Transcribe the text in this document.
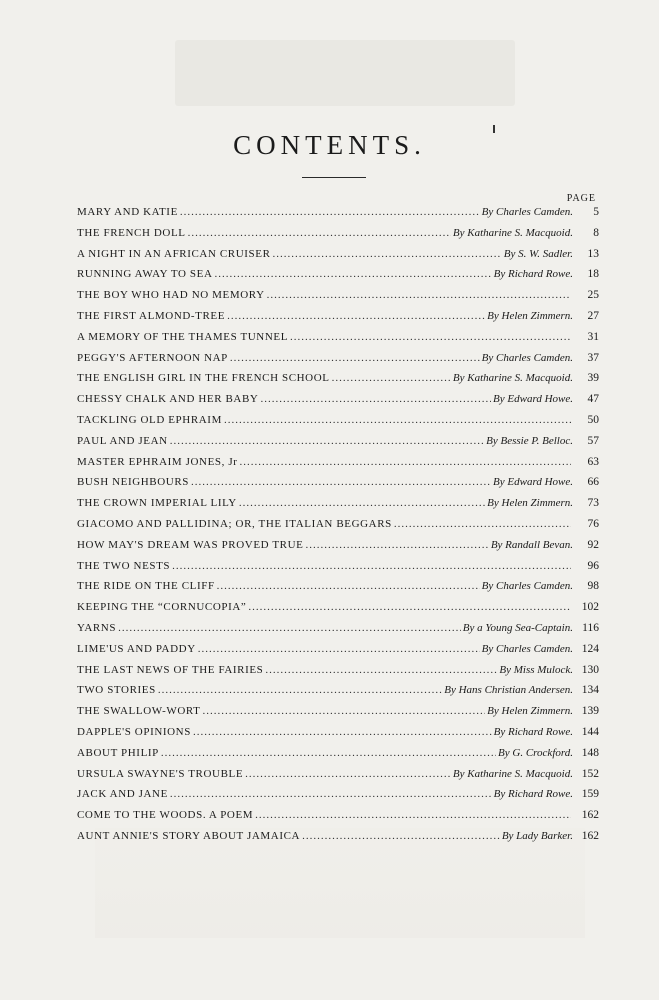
CONTENTS.
PAGE
MARY AND KATIE .....	By Charles Camden.	5
THE FRENCH DOLL .....	By Katharine S. Macquoid.	8
A NIGHT IN AN AFRICAN CRUISER .....	By S. W. Sadler.	13
RUNNING AWAY TO SEA .....	By Richard Rowe.	18
THE BOY WHO HAD NO MEMORY .....	25
THE FIRST ALMOND-TREE .....	By Helen Zimmern.	27
A MEMORY OF THE THAMES TUNNEL .....	31
PEGGY'S AFTERNOON NAP .....	By Charles Camden.	37
THE ENGLISH GIRL IN THE FRENCH SCHOOL .....	By Katharine S. Macquoid.	39
CHESSY CHALK AND HER BABY .....	By Edward Howe.	47
TACKLING OLD EPHRAIM .....	50
PAUL AND JEAN .....	By Bessie P. Belloc.	57
MASTER EPHRAIM JONES, Jr .....	63
BUSH NEIGHBOURS .....	By Edward Howe.	66
THE CROWN IMPERIAL LILY .....	By Helen Zimmern.	73
GIACOMO AND PALLIDINA; OR, THE ITALIAN BEGGARS .....	76
HOW MAY'S DREAM WAS PROVED TRUE .....	By Randall Bevan.	92
THE TWO NESTS .....	96
THE RIDE ON THE CLIFF .....	By Charles Camden.	98
KEEPING THE “CORNUCOPIA” .....	102
YARNS .....	By a Young Sea-Captain. 116
LIME'US AND PADDY .....	By Charles Camden. 124
THE LAST NEWS OF THE FAIRIES .....	By Miss Mulock. 130
TWO STORIES .....	By Hans Christian Andersen. 134
THE SWALLOW-WORT .....	By Helen Zimmern. 139
DAPPLE'S OPINIONS .....	By Richard Rowe. 144
ABOUT PHILIP .....	By G. Crockford. 148
URSULA SWAYNE'S TROUBLE .....	By Katharine S. Macquoid. 152
JACK AND JANE .....	By Richard Rowe. 159
COME TO THE WOODS. A POEM .....	162
AUNT ANNIE'S STORY ABOUT JAMAICA .....	By Lady Barker. 162
